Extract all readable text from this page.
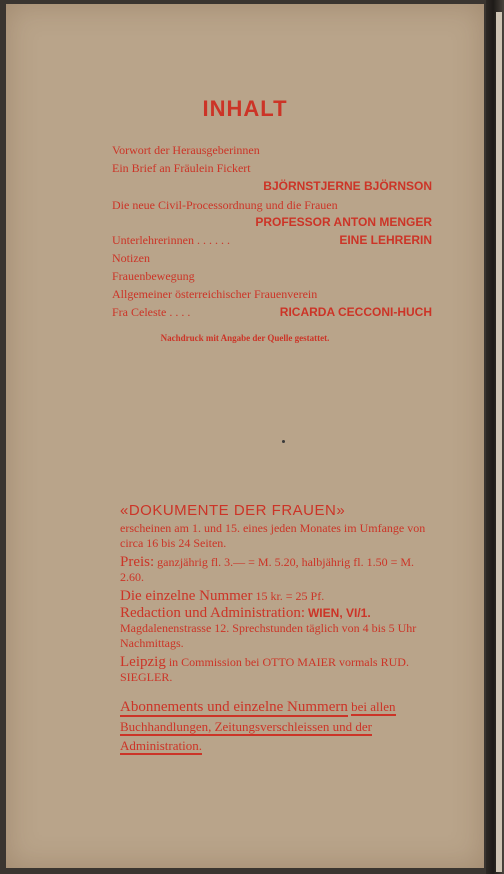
INHALT
Vorwort der Herausgeberinnen
Ein Brief an Fräulein Fickert
BJÖRNSTJERNE BJÖRNSON
Die neue Civil-Processordnung und die Frauen
PROFESSOR ANTON MENGER
Unterlehrerinnen . . . . . .	EINE LEHRERIN
Notizen
Frauenbewegung
Allgemeiner österreichischer Frauenverein
Fra Celeste . . . .	RICARDA CECCONI-HUCH
Nachdruck mit Angabe der Quelle gestattet.
«DOKUMENTE DER FRAUEN»
erscheinen am 1. und 15. eines jeden Monates im Umfange von circa 16 bis 24 Seiten.
Preis: ganzjährig fl. 3.— = M. 5.20, halbjährig fl. 1.50 = M. 2.60.
Die einzelne Nummer 15 kr. = 25 Pf.
Redaction und Administration: WIEN, VI/1.
Magdalenenstrasse 12. Sprechstunden täglich von 4 bis 5 Uhr Nachmittags.
Leipzig in Commission bei OTTO MAIER vormals RUD. SIEGLER.
Abonnements und einzelne Nummern bei allen Buchhandlungen, Zeitungsverschleissen und der Administration.
